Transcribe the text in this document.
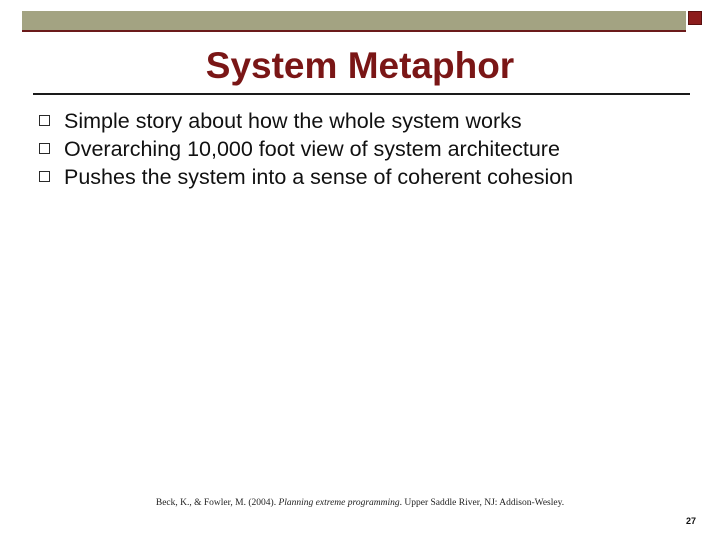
System Metaphor
Simple story about how the whole system works
Overarching 10,000 foot view of system architecture
Pushes the system into a sense of coherent cohesion
Beck, K., & Fowler, M. (2004). Planning extreme programming. Upper Saddle River, NJ: Addison-Wesley.
27
